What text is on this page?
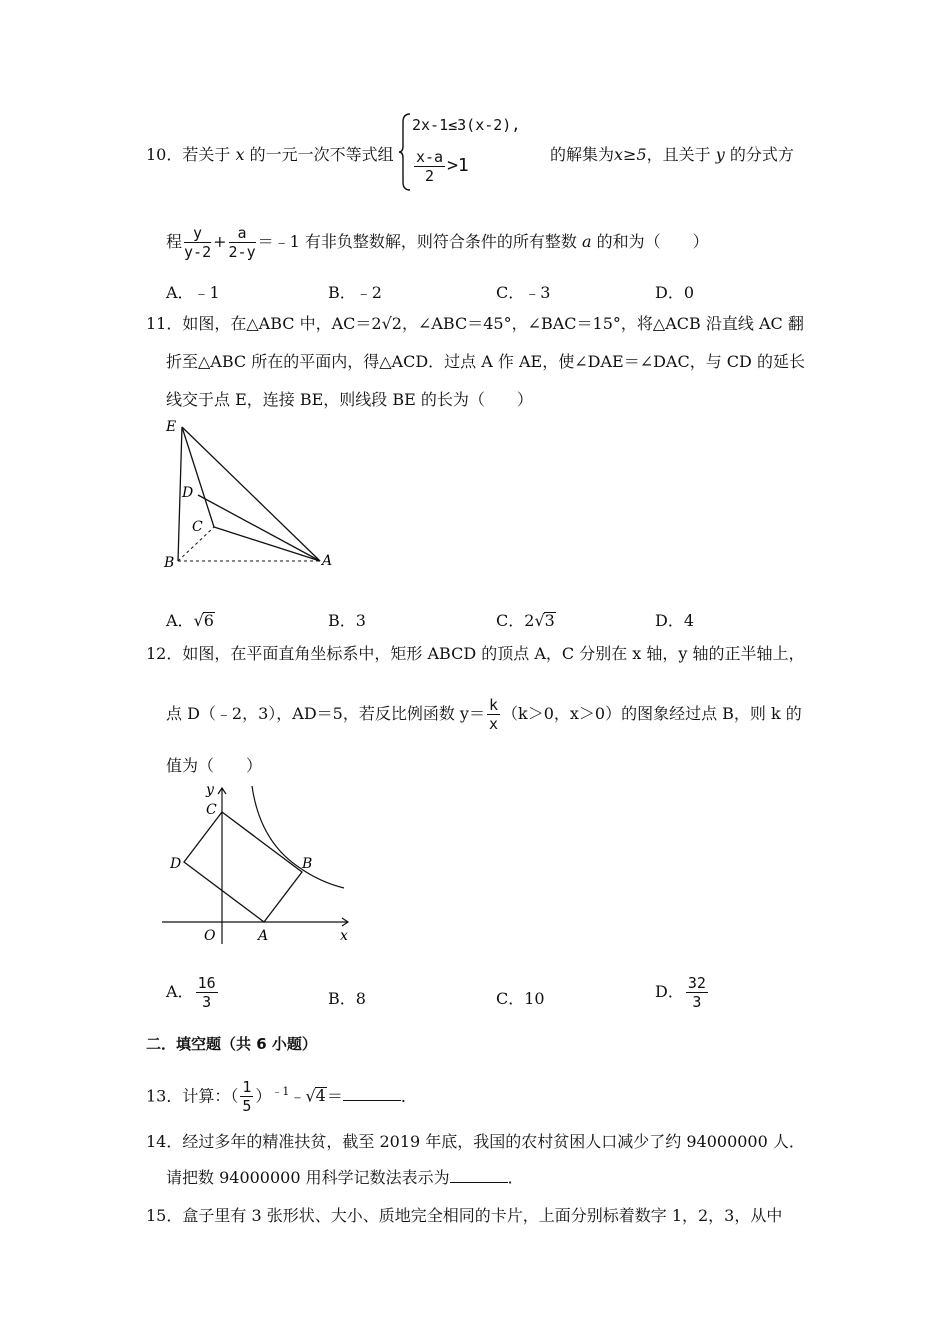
10．若关于 x 的一元一次不等式组
2x-1≤3(x-2),
$\frac{x-a}{2} >1$
的解集为x≥5，且关于 y 的分式方
程 $\frac{y}{y-2} + \frac{a}{2-y}$ ＝﹣1 有非负整数解，则符合条件的所有整数 a 的和为（　　）
A．﹣1	B．﹣2	C．﹣3	D．0
11．如图，在△ABC 中，AC＝2√2，∠ABC＝45°，∠BAC＝15°，将△ACB 沿直线 AC 翻
折至△ABC 所在的平面内，得△ACD．过点 A 作 AE，使∠DAE＝∠DAC，与 CD 的延长
线交于点 E，连接 BE，则线段 BE 的长为（　　）
E
D
C
B	A
A．√6	B．3	C．2√3	D．4
12．如图，在平面直角坐标系中，矩形 ABCD 的顶点 A，C 分别在 x 轴，y 轴的正半轴上，
点 D（﹣2，3），AD＝5，若反比例函数 $y= \frac{k}{x} (k>0$，x＞0）的图象经过点 B，则 k 的
值为（　　）
y
C
D	B
O	A	x
A． $\frac{16}{3}$	B．8	C．10	D． $\frac{32}{3}$
二．填空题（共 6 小题）
13．计算：（ $\frac{1}{5}$ ）$^{﹣1}$﹣√4＝	．
14．经过多年的精准扶贫，截至 2019 年底，我国的农村贫困人口减少了约 94000000 人．
请把数 94000000 用科学记数法表示为	．
15．盒子里有 3 张形状、大小、质地完全相同的卡片，上面分别标着数字 1，2，3，从中
